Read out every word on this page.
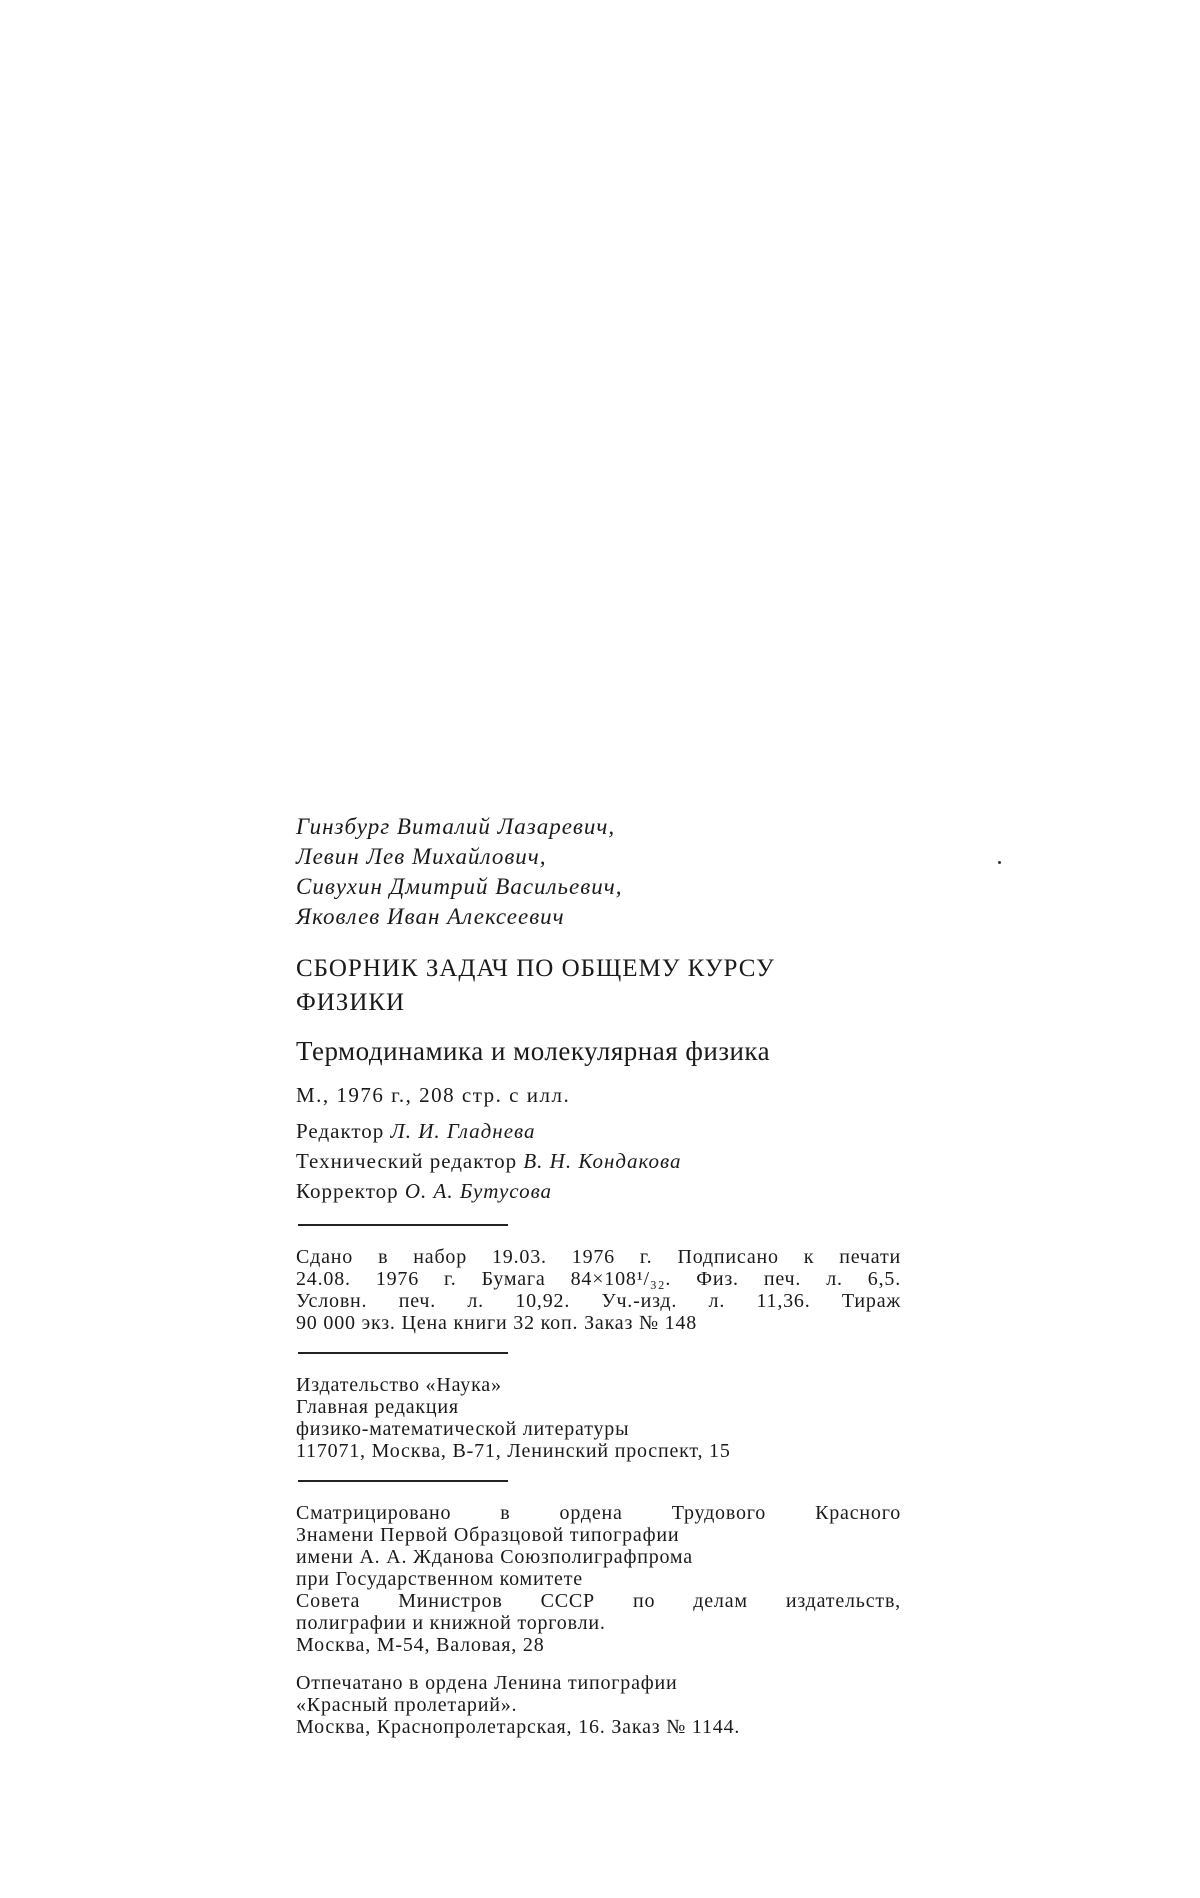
Гинзбург Виталий Лазаревич,
Левин Лев Михайлович,
Сивухин Дмитрий Васильевич,
Яковлев Иван Алексеевич
СБОРНИК ЗАДАЧ ПО ОБЩЕМУ КУРСУ
ФИЗИКИ
Термодинамика и молекулярная физика
М., 1976 г., 208 стр. с илл.
Редактор Л. И. Гладнева
Технический редактор В. Н. Кондакова
Корректор О. А. Бутусова
Сдано в набор 19.03. 1976 г. Подписано к печати
24.08. 1976 г. Бумага 84×108¹/₃₂. Физ. печ. л. 6,5.
Условн. печ. л. 10,92. Уч.-изд. л. 11,36. Тираж
90 000 экз. Цена книги 32 коп. Заказ № 148
Издательство «Наука»
Главная редакция
физико-математической литературы
117071, Москва, В-71, Ленинский проспект, 15
Сматрицировано в ордена Трудового Красного
Знамени Первой Образцовой типографии
имени А. А. Жданова Союзполиграфпрома
при Государственном комитете
Совета Министров СССР по делам издательств,
полиграфии и книжной торговли.
Москва, М-54, Валовая, 28
Отпечатано в ордена Ленина типографии
«Красный пролетарий».
Москва, Краснопролетарская, 16. Заказ № 1144.
